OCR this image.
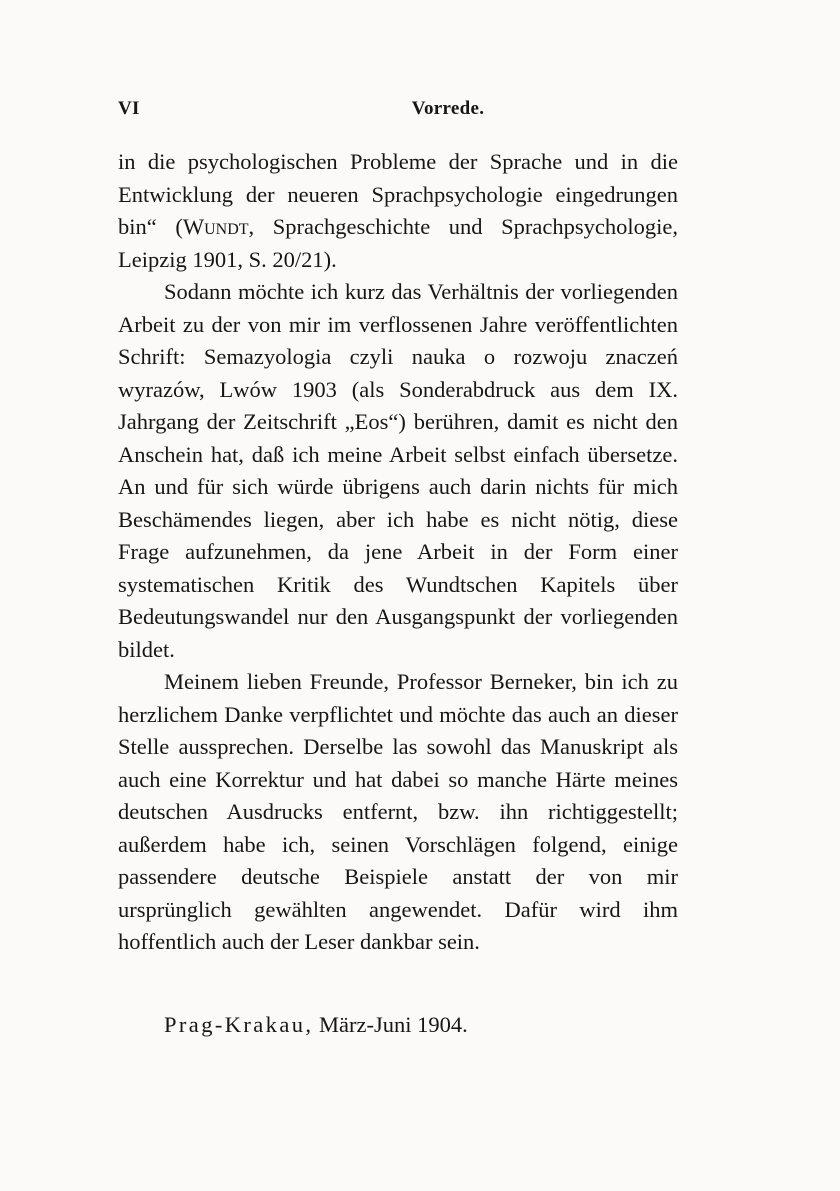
VI	Vorrede.

in die psychologischen Probleme der Sprache und in die Entwicklung der neueren Sprachpsychologie eingedrungen bin“ (Wundt, Sprachgeschichte und Sprachpsychologie, Leipzig 1901, S. 20/21).

Sodann möchte ich kurz das Verhältnis der vorliegenden Arbeit zu der von mir im verflossenen Jahre veröffentlichten Schrift: Semazyologia czyli nauka o rozwoju znaczeń wyrazów, Lwów 1903 (als Sonderabdruck aus dem IX. Jahrgang der Zeitschrift „Eos“) berühren, damit es nicht den Anschein hat, daß ich meine Arbeit selbst einfach übersetze. An und für sich würde übrigens auch darin nichts für mich Beschämendes liegen, aber ich habe es nicht nötig, diese Frage aufzunehmen, da jene Arbeit in der Form einer systematischen Kritik des Wundtschen Kapitels über Bedeutungswandel nur den Ausgangspunkt der vorliegenden bildet.

Meinem lieben Freunde, Professor Berneker, bin ich zu herzlichem Danke verpflichtet und möchte das auch an dieser Stelle aussprechen. Derselbe las sowohl das Manuskript als auch eine Korrektur und hat dabei so manche Härte meines deutschen Ausdrucks entfernt, bzw. ihn richtiggestellt; außerdem habe ich, seinen Vorschlägen folgend, einige passendere deutsche Beispiele anstatt der von mir ursprünglich gewählten angewendet. Dafür wird ihm hoffentlich auch der Leser dankbar sein.

Prag-Krakau, März-Juni 1904.
